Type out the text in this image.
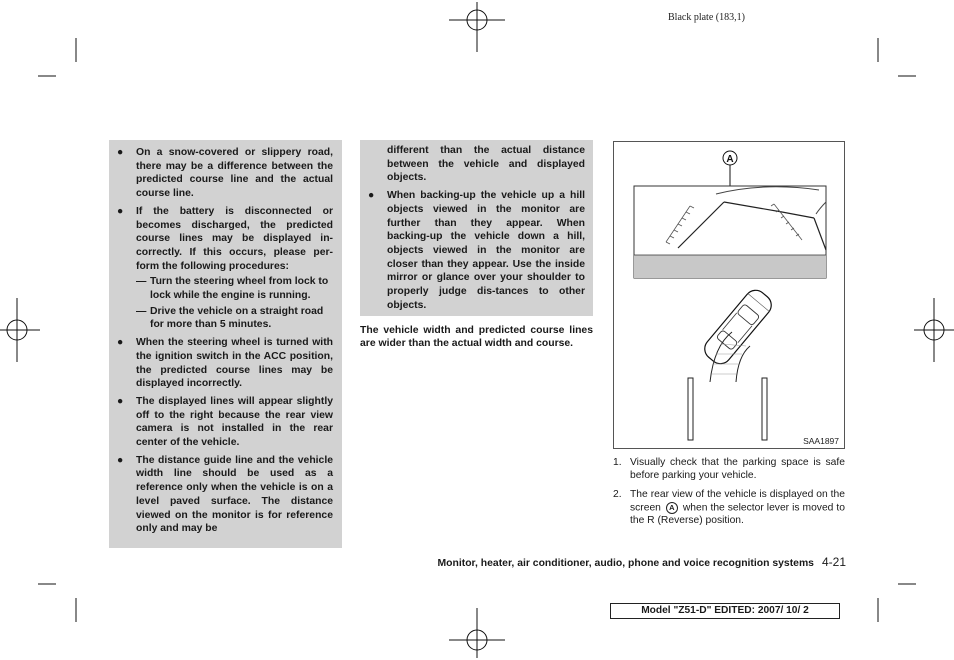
Black plate (183,1)
● On a snow-covered or slippery road, there may be a difference between the predicted course line and the actual course line.
● If the battery is disconnected or becomes discharged, the predicted course lines may be displayed in-correctly. If this occurs, please per-form the following procedures:
— Turn the steering wheel from lock to lock while the engine is running.
— Drive the vehicle on a straight road for more than 5 minutes.
● When the steering wheel is turned with the ignition switch in the ACC position, the predicted course lines may be displayed incorrectly.
● The displayed lines will appear slightly off to the right because the rear view camera is not installed in the rear center of the vehicle.
● The distance guide line and the vehicle width line should be used as a reference only when the vehicle is on a level paved surface. The distance viewed on the monitor is for reference only and may be
different than the actual distance between the vehicle and displayed objects.
● When backing-up the vehicle up a hill objects viewed in the monitor are further than they appear. When backing-up the vehicle down a hill, objects viewed in the monitor are closer than they appear. Use the inside mirror or glance over your shoulder to properly judge dis-tances to other objects.
The vehicle width and predicted course lines are wider than the actual width and course.
A
SAA1897
1. Visually check that the parking space is safe before parking your vehicle.
2. The rear view of the vehicle is displayed on the screen A when the selector lever is moved to the R (Reverse) position.
Monitor, heater, air conditioner, audio, phone and voice recognition systems 4-21
Model "Z51-D" EDITED: 2007/ 10/ 2
